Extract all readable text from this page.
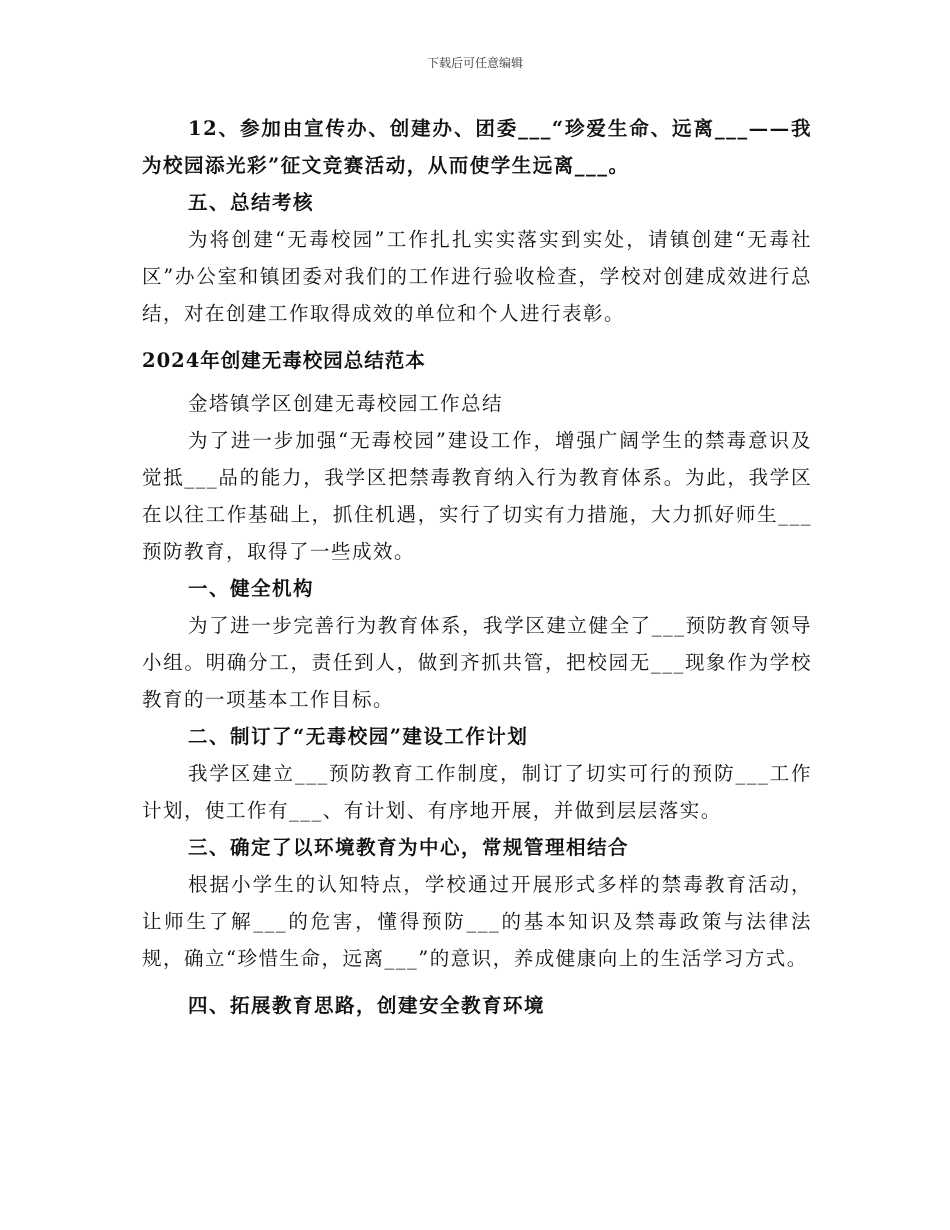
下载后可任意编辑

12、参加由宣传办、创建办、团委___“珍爱生命、远离___——我为校园添光彩”征文竞赛活动，从而使学生远离___。

五、总结考核

为将创建“无毒校园”工作扎扎实实落实到实处，请镇创建“无毒社区”办公室和镇团委对我们的工作进行验收检查，学校对创建成效进行总结，对在创建工作取得成效的单位和个人进行表彰。

2024年创建无毒校园总结范本

金塔镇学区创建无毒校园工作总结

为了进一步加强“无毒校园”建设工作，增强广阔学生的禁毒意识及觉抵___品的能力，我学区把禁毒教育纳入行为教育体系。为此，我学区在以往工作基础上，抓住机遇，实行了切实有力措施，大力抓好师生___预防教育，取得了一些成效。

一、健全机构

为了进一步完善行为教育体系，我学区建立健全了___预防教育领导小组。明确分工，责任到人，做到齐抓共管，把校园无___现象作为学校教育的一项基本工作目标。

二、制订了“无毒校园”建设工作计划

我学区建立___预防教育工作制度，制订了切实可行的预防___工作计划，使工作有___、有计划、有序地开展，并做到层层落实。

三、确定了以环境教育为中心，常规管理相结合

根据小学生的认知特点，学校通过开展形式多样的禁毒教育活动，让师生了解___的危害，懂得预防___的基本知识及禁毒政策与法律法规，确立“珍惜生命，远离___”的意识，养成健康向上的生活学习方式。

四、拓展教育思路，创建安全教育环境
